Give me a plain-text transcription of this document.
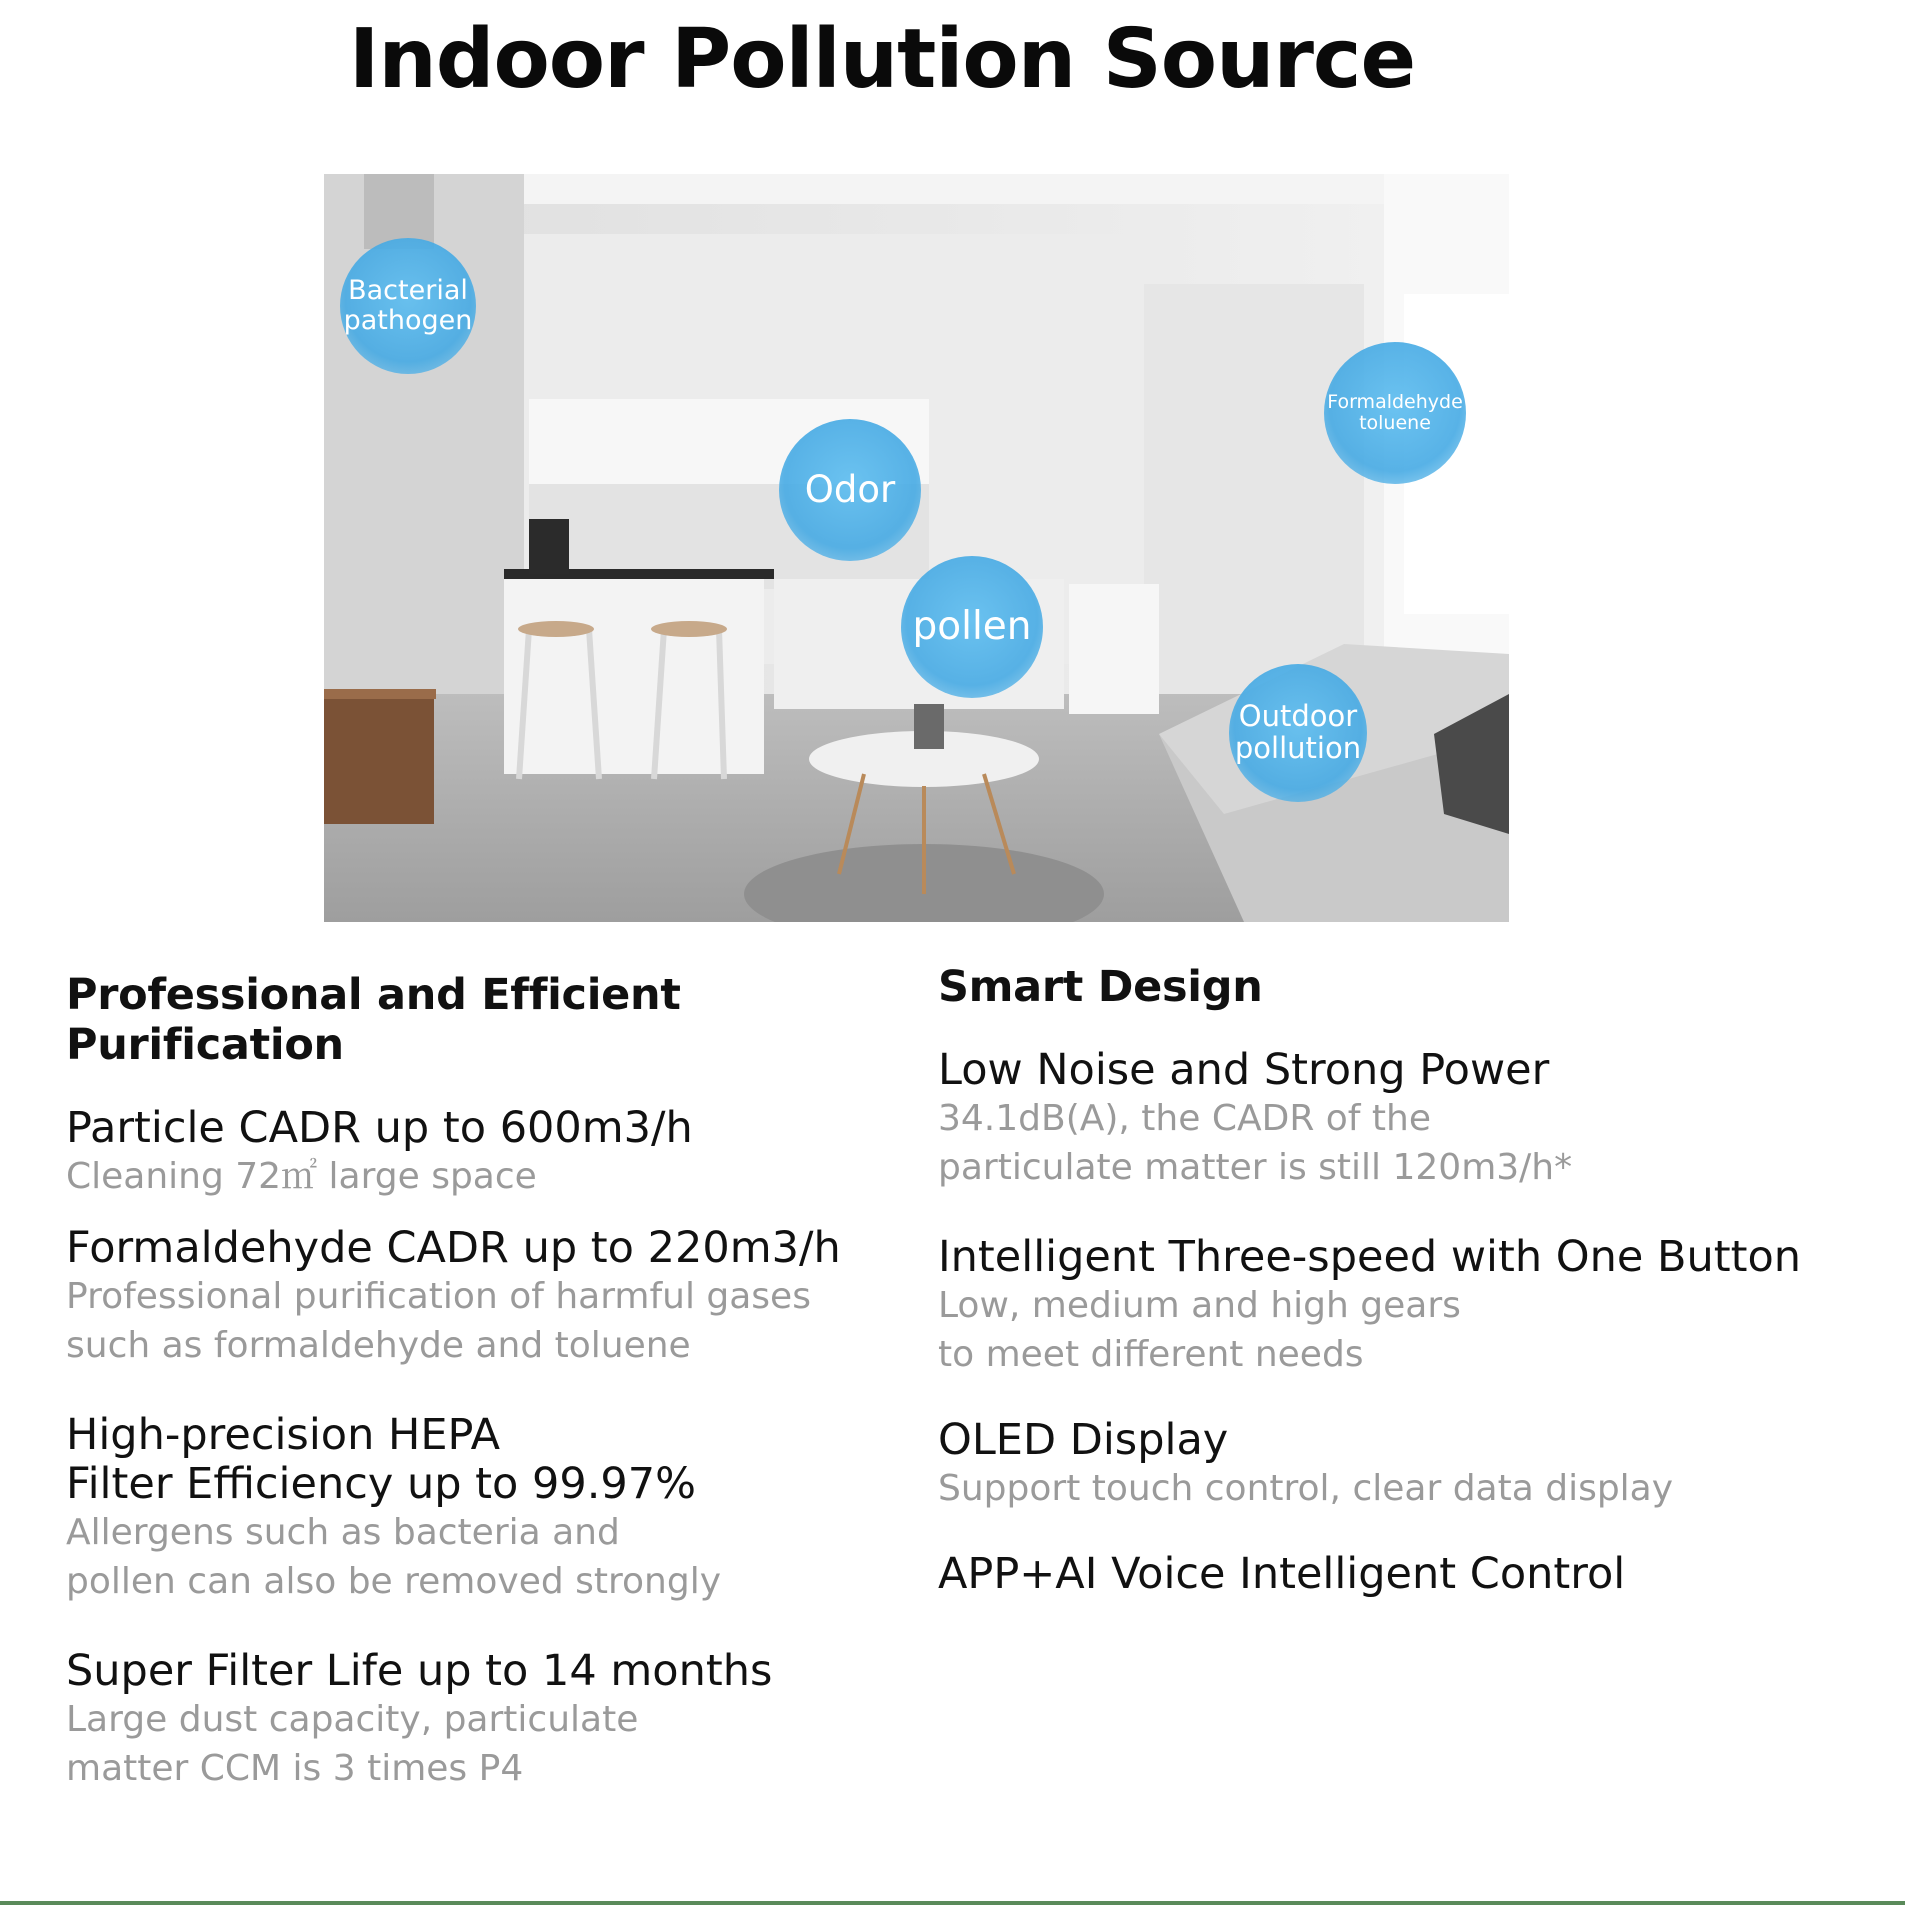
Indoor Pollution Source
Bacterial
pathogen
Odor
Formaldehyde
toluene
pollen
Outdoor
pollution

Professional and Efficient Purification

Particle CADR up to 600m3/h
Cleaning 72㎡ large space
Formaldehyde CADR up to 220m3/h
Professional purification of harmful gases
such as formaldehyde and toluene
High-precision HEPA
Filter Efficiency up to 99.97%
Allergens such as bacteria and
pollen can also be removed strongly
Super Filter Life up to 14 months
Large dust capacity, particulate
matter CCM is 3 times P4

Smart Design

Low Noise and Strong Power
34.1dB(A), the CADR of the
particulate matter is still 120m3/h*
Intelligent Three-speed with One Button
Low, medium and high gears
to meet different needs
OLED Display
Support touch control, clear data display
APP+AI Voice Intelligent Control
